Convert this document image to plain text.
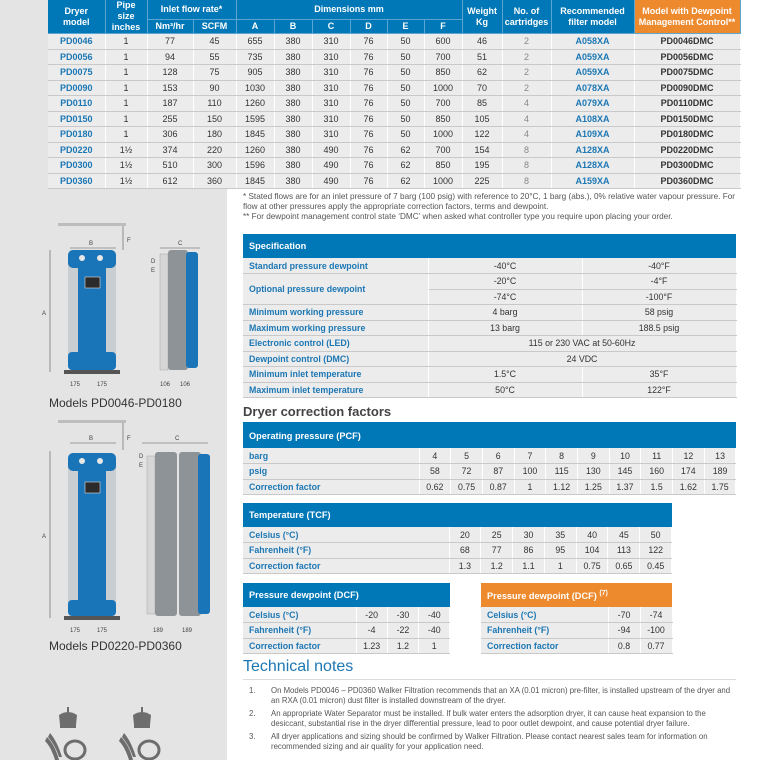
Dryer model	Pipe size inches	Inlet flow rate*		Dimensions mm						Weight Kg	No. of cartridges	Recommended filter model	Model with Dewpoint Management Control**
		Nm³/hr	SCFM	A	B	C	D	E	F				
PD0046	1	77	45	655	380	310	76	50	600	46	2	A058XA	PD0046DMC
PD0056	1	94	55	735	380	310	76	50	700	51	2	A059XA	PD0056DMC
PD0075	1	128	75	905	380	310	76	50	850	62	2	A059XA	PD0075DMC
PD0090	1	153	90	1030	380	310	76	50	1000	70	2	A078XA	PD0090DMC
PD0110	1	187	110	1260	380	310	76	50	700	85	4	A079XA	PD0110DMC
PD0150	1	255	150	1595	380	310	76	50	850	105	4	A108XA	PD0150DMC
PD0180	1	306	180	1845	380	310	76	50	1000	122	4	A109XA	PD0180DMC
PD0220	1½	374	220	1260	380	490	76	62	700	154	8	A128XA	PD0220DMC
PD0300	1½	510	300	1596	380	490	76	62	850	195	8	A128XA	PD0300DMC
PD0360	1½	612	360	1845	380	490	76	62	1000	225	8	A159XA	PD0360DMC

* Stated flows are for an inlet pressure of 7 barg (100 psig) with reference to 20°C, 1 barg (abs.), 0% relative water vapour pressure. For flow at other pressures apply the appropriate correction factors, terms and dewpoint.

** For dewpoint management control state ‘DMC’ when asked what controller type you require upon placing your order.

Specification		
Standard pressure dewpoint	-40°C	-40°F
Optional pressure dewpoint	-20°C	-4°F
	-74°C	-100°F
Minimum working pressure	4 barg	58 psig
Maximum working pressure	13 barg	188.5 psig
Electronic control (LED)	115 or 230 VAC at 50-60Hz	
Dewpoint control (DMC)	24 VDC	
Minimum inlet temperature	1.5°C	35°F
Maximum inlet temperature	50°C	122°F
Dryer correction factors
Operating pressure (PCF)										
barg	4	5	6	7	8	9	10	11	12	13
psig	58	72	87	100	115	130	145	160	174	189
Correction factor	0.62	0.75	0.87	1	1.12	1.25	1.37	1.5	1.62	1.75
Temperature (TCF)							
Celsius (°C)	20	25	30	35	40	45	50
Fahrenheit (°F)	68	77	86	95	104	113	122
Correction factor	1.3	1.2	1.1	1	0.75	0.65	0.45
Pressure dewpoint (DCF)			
Celsius (°C)	-20	-30	-40
Fahrenheit (°F)	-4	-22	-40
Correction factor	1.23	1.2	1
Pressure dewpoint (DCF) $^{(7)}$
Celsius (°C)	-70	-74
Fahrenheit (°F)	-94	-100
Correction factor	0.8	0.77
Technical notes
1.	On Models PD0046 – PD0360 Walker Filtration recommends that an XA (0.01 micron) pre-filter, is installed upstream of the dryer and an RXA (0.01 micron) dust filter is installed downstream of the dryer.
2.	An appropriate Water Separator must be installed. If bulk water enters the adsorption dryer, it can cause heat expansion to the desiccant, substantial rise in the dryer differential pressure, lead to poor outlet dewpoint, and cause potential dryer failure.
3.	All dryer applications and sizing should be confirmed by Walker Filtration. Please contact nearest sales team for information on recommended sizing and air quality for your application need.
F
B
A
175	175
C
D
E
106 106
Models PD0046-PD0180
F
B
A
175	175
C
D
E
189	189
Models PD0220-PD0360
